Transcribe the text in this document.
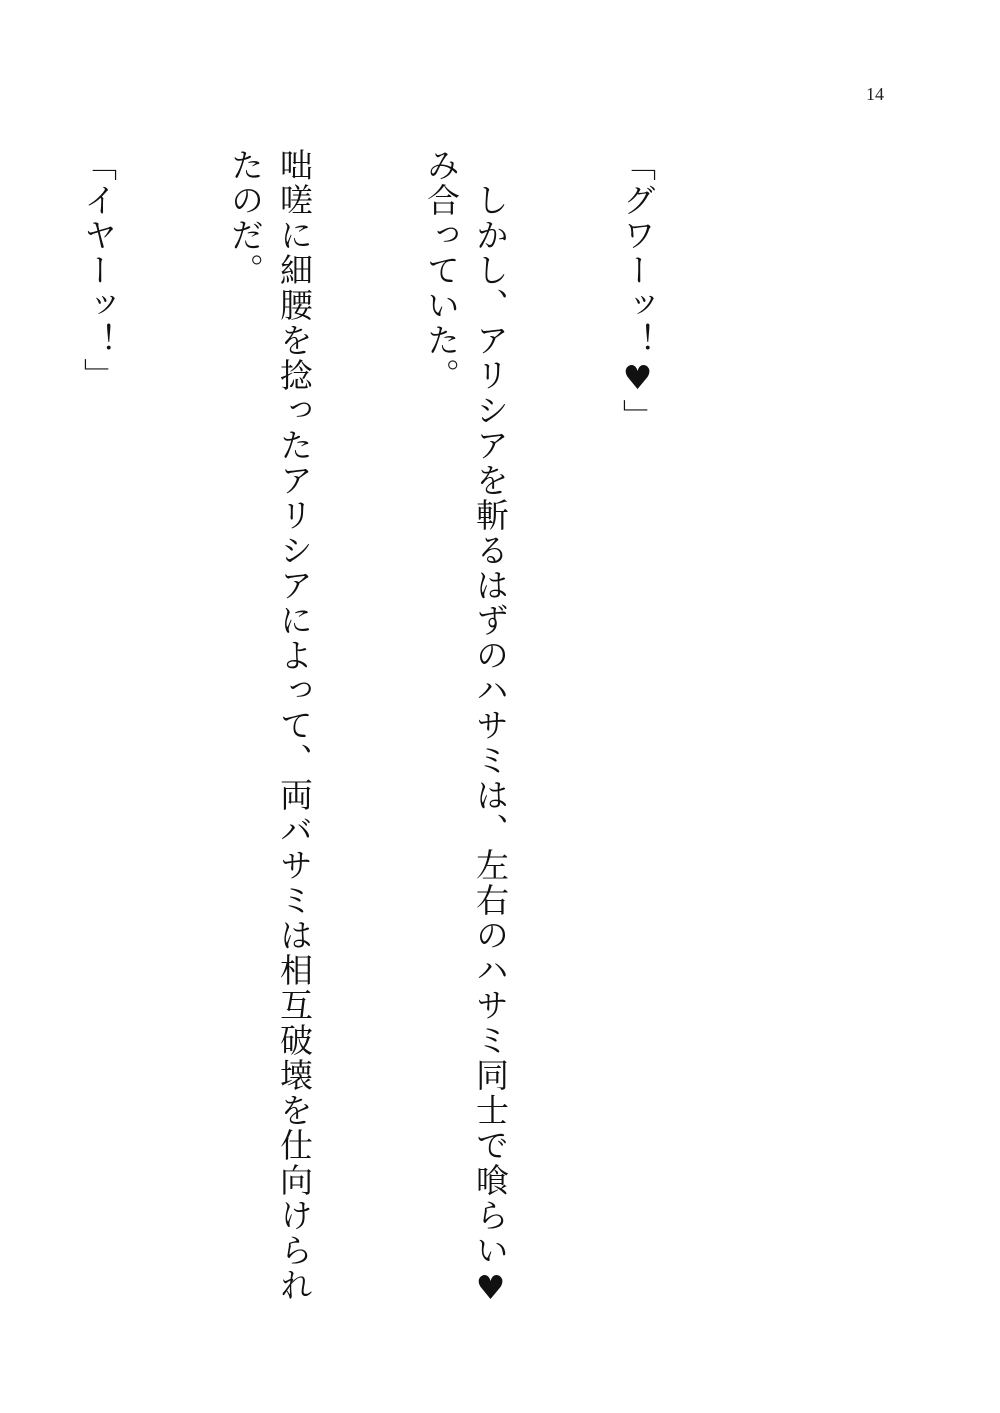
14

「グワーッ！♥」

　しかし、アリシアを斬るはずのハサミは、左右のハサミ同士で喰らい♥み合っていた。

咄嗟に細腰を捻ったアリシアによって、両バサミは相互破壊を仕向けられたのだ。

「イヤーッ！」
